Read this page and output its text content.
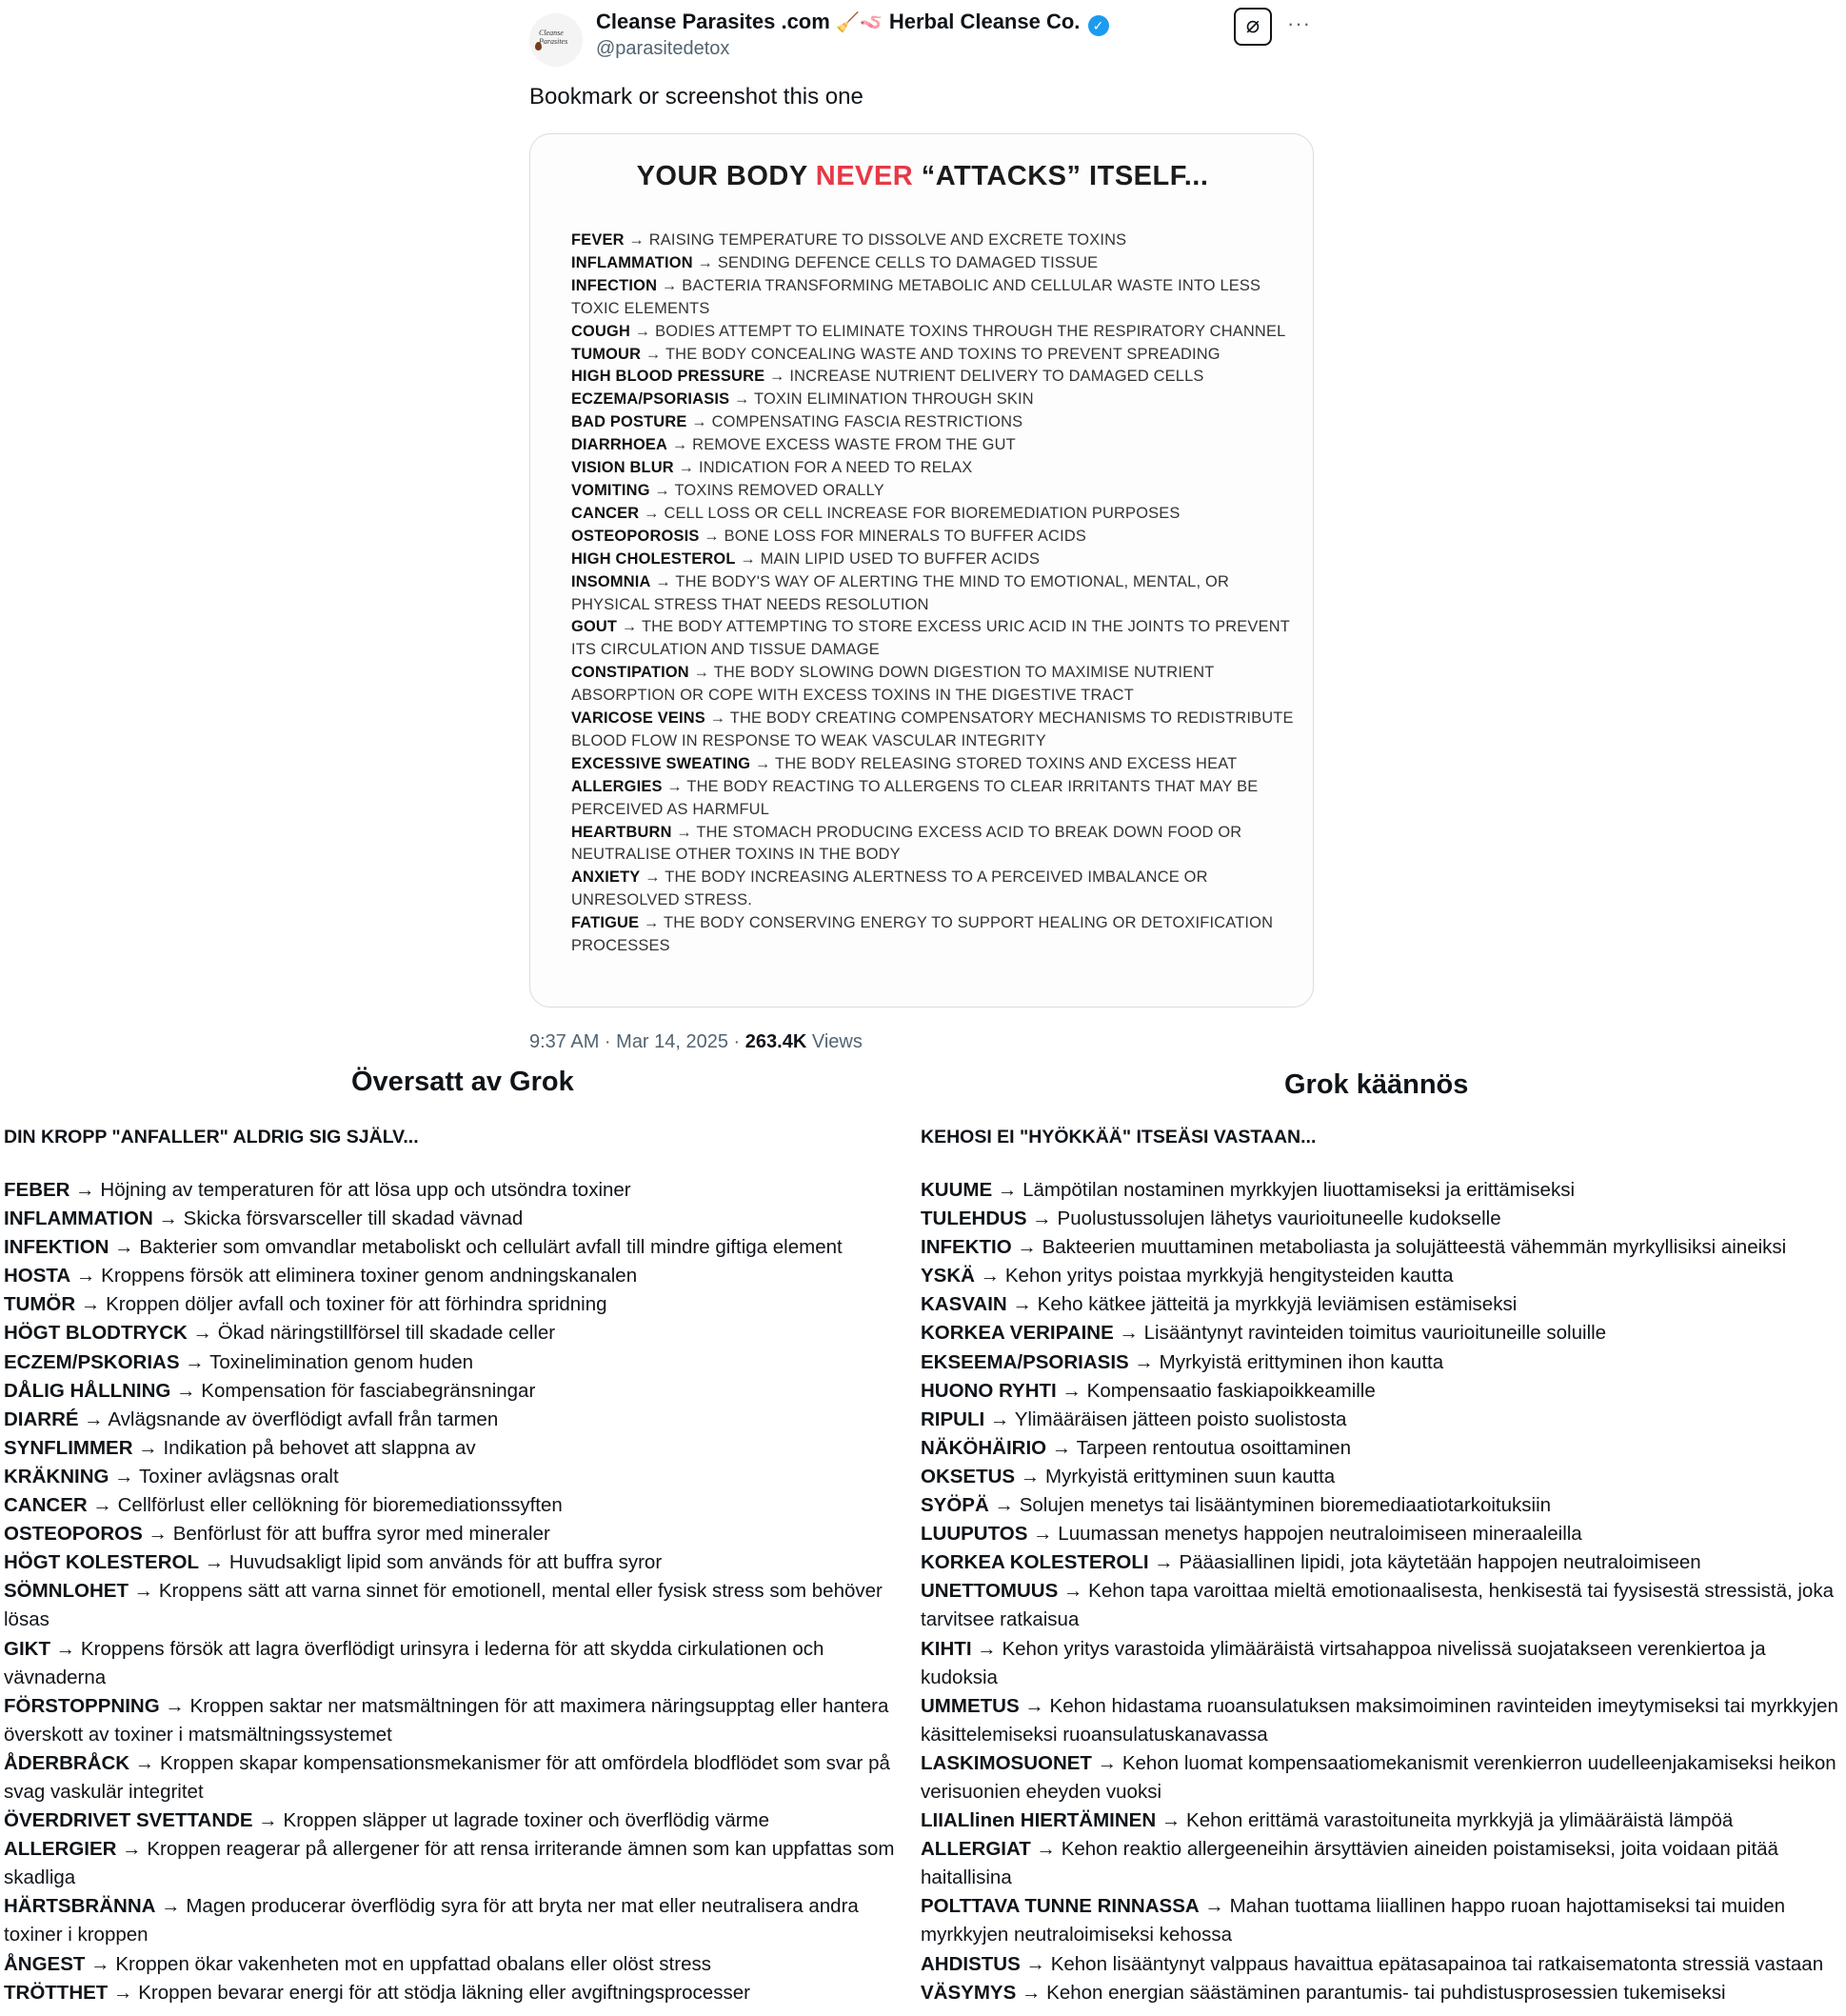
Cleanse Parasites
Cleanse Parasites .com 🧹🪱 Herbal Cleanse Co. ✓
@parasitedetox
⌀	···
Bookmark or screenshot this one
YOUR BODY NEVER “ATTACKS” ITSELF...
FEVER → RAISING TEMPERATURE TO DISSOLVE AND EXCRETE TOXINS
INFLAMMATION → SENDING DEFENCE CELLS TO DAMAGED TISSUE
INFECTION → BACTERIA TRANSFORMING METABOLIC AND CELLULAR WASTE INTO LESS TOXIC ELEMENTS
COUGH → BODIES ATTEMPT TO ELIMINATE TOXINS THROUGH THE RESPIRATORY CHANNEL
TUMOUR → THE BODY CONCEALING WASTE AND TOXINS TO PREVENT SPREADING
HIGH BLOOD PRESSURE → INCREASE NUTRIENT DELIVERY TO DAMAGED CELLS
ECZEMA/PSORIASIS → TOXIN ELIMINATION THROUGH SKIN
BAD POSTURE → COMPENSATING FASCIA RESTRICTIONS
DIARRHOEA → REMOVE EXCESS WASTE FROM THE GUT
VISION BLUR → INDICATION FOR A NEED TO RELAX
VOMITING → TOXINS REMOVED ORALLY
CANCER → CELL LOSS OR CELL INCREASE FOR BIOREMEDIATION PURPOSES
OSTEOPOROSIS → BONE LOSS FOR MINERALS TO BUFFER ACIDS
HIGH CHOLESTEROL → MAIN LIPID USED TO BUFFER ACIDS
INSOMNIA → THE BODY'S WAY OF ALERTING THE MIND TO EMOTIONAL, MENTAL, OR PHYSICAL STRESS THAT NEEDS RESOLUTION
GOUT → THE BODY ATTEMPTING TO STORE EXCESS URIC ACID IN THE JOINTS TO PREVENT ITS CIRCULATION AND TISSUE DAMAGE
CONSTIPATION → THE BODY SLOWING DOWN DIGESTION TO MAXIMISE NUTRIENT ABSORPTION OR COPE WITH EXCESS TOXINS IN THE DIGESTIVE TRACT
VARICOSE VEINS → THE BODY CREATING COMPENSATORY MECHANISMS TO REDISTRIBUTE BLOOD FLOW IN RESPONSE TO WEAK VASCULAR INTEGRITY
EXCESSIVE SWEATING → THE BODY RELEASING STORED TOXINS AND EXCESS HEAT
ALLERGIES → THE BODY REACTING TO ALLERGENS TO CLEAR IRRITANTS THAT MAY BE PERCEIVED AS HARMFUL
HEARTBURN → THE STOMACH PRODUCING EXCESS ACID TO BREAK DOWN FOOD OR NEUTRALISE OTHER TOXINS IN THE BODY
ANXIETY → THE BODY INCREASING ALERTNESS TO A PERCEIVED IMBALANCE OR UNRESOLVED STRESS.
FATIGUE → THE BODY CONSERVING ENERGY TO SUPPORT HEALING OR DETOXIFICATION PROCESSES
9:37 AM · Mar 14, 2025 · 263.4K Views
Översatt av Grok
DIN KROPP "ANFALLER" ALDRIG SIG SJÄLV...
FEBER → Höjning av temperaturen för att lösa upp och utsöndra toxiner
INFLAMMATION → Skicka försvarsceller till skadad vävnad
INFEKTION → Bakterier som omvandlar metaboliskt och cellulärt avfall till mindre giftiga element
HOSTA → Kroppens försök att eliminera toxiner genom andningskanalen
TUMÖR → Kroppen döljer avfall och toxiner för att förhindra spridning
HÖGT BLODTRYCK → Ökad näringstillförsel till skadade celler
ECZEM/PSKORIAS → Toxinelimination genom huden
DÅLIG HÅLLNING → Kompensation för fasciabegränsningar
DIARRÉ → Avlägsnande av överflödigt avfall från tarmen
SYNFLIMMER → Indikation på behovet att slappna av
KRÄKNING → Toxiner avlägsnas oralt
CANCER → Cellförlust eller cellökning för bioremediationssyften
OSTEOPOROS → Benförlust för att buffra syror med mineraler
HÖGT KOLESTEROL → Huvudsakligt lipid som används för att buffra syror
SÖMNLOHET → Kroppens sätt att varna sinnet för emotionell, mental eller fysisk stress som behöver lösas
GIKT → Kroppens försök att lagra överflödigt urinsyra i lederna för att skydda cirkulationen och vävnaderna
FÖRSTOPPNING → Kroppen saktar ner matsmältningen för att maximera näringsupptag eller hantera överskott av toxiner i matsmältningssystemet
ÅDERBRÅCK → Kroppen skapar kompensationsmekanismer för att omfördela blodflödet som svar på svag vaskulär integritet
ÖVERDRIVET SVETTANDE → Kroppen släpper ut lagrade toxiner och överflödig värme
ALLERGIER → Kroppen reagerar på allergener för att rensa irriterande ämnen som kan uppfattas som skadliga
HÄRTSBRÄNNA → Magen producerar överflödig syra för att bryta ner mat eller neutralisera andra toxiner i kroppen
ÅNGEST → Kroppen ökar vakenheten mot en uppfattad obalans eller olöst stress
TRÖTTHET → Kroppen bevarar energi för att stödja läkning eller avgiftningsprocesser
Grok käännös
KEHOSI EI "HYÖKKÄÄ" ITSEÄSI VASTAAN...
KUUME → Lämpötilan nostaminen myrkkyjen liuottamiseksi ja erittämiseksi
TULEHDUS → Puolustussolujen lähetys vaurioituneelle kudokselle
INFEKTIO → Bakteerien muuttaminen metaboliasta ja solujätteestä vähemmän myrkyllisiksi aineiksi
YSKÄ → Kehon yritys poistaa myrkkyjä hengitysteiden kautta
KASVAIN → Keho kätkee jätteitä ja myrkkyjä leviämisen estämiseksi
KORKEA VERIPAINE → Lisääntynyt ravinteiden toimitus vaurioituneille soluille
EKSEEMA/PSORIASIS → Myrkyistä erittyminen ihon kautta
HUONO RYHTI → Kompensaatio faskiapoikkeamille
RIPULI → Ylimääräisen jätteen poisto suolistosta
NÄKÖHÄIRIO → Tarpeen rentoutua osoittaminen
OKSETUS → Myrkyistä erittyminen suun kautta
SYÖPÄ → Solujen menetys tai lisääntyminen bioremediaatiotarkoituksiin
LUUPUTOS → Luumassan menetys happojen neutraloimiseen mineraaleilla
KORKEA KOLESTEROLI → Pääasiallinen lipidi, jota käytetään happojen neutraloimiseen
UNETTOMUUS → Kehon tapa varoittaa mieltä emotionaalisesta, henkisestä tai fyysisestä stressistä, joka tarvitsee ratkaisua
KIHTI → Kehon yritys varastoida ylimääräistä virtsahappoa nivelissä suojatakseen verenkiertoa ja kudoksia
UMMETUS → Kehon hidastama ruoansulatuksen maksimoiminen ravinteiden imeytymiseksi tai myrkkyjen käsittelemiseksi ruoansulatuskanavassa
LASKIMOSUONET → Kehon luomat kompensaatiomekanismit verenkierron uudelleenjakamiseksi heikon verisuonien eheyden vuoksi
LIIALlinen HIERTÄMINEN → Kehon erittämä varastoituneita myrkkyjä ja ylimääräistä lämpöä
ALLERGIAT → Kehon reaktio allergeeneihin ärsyttävien aineiden poistamiseksi, joita voidaan pitää haitallisina
POLTTAVA TUNNE RINNASSA → Mahan tuottama liiallinen happo ruoan hajottamiseksi tai muiden myrkkyjen neutraloimiseksi kehossa
AHDISTUS → Kehon lisääntynyt valppaus havaittua epätasapainoa tai ratkaisematonta stressiä vastaan
VÄSYMYS → Kehon energian säästäminen parantumis- tai puhdistusprosessien tukemiseksi
